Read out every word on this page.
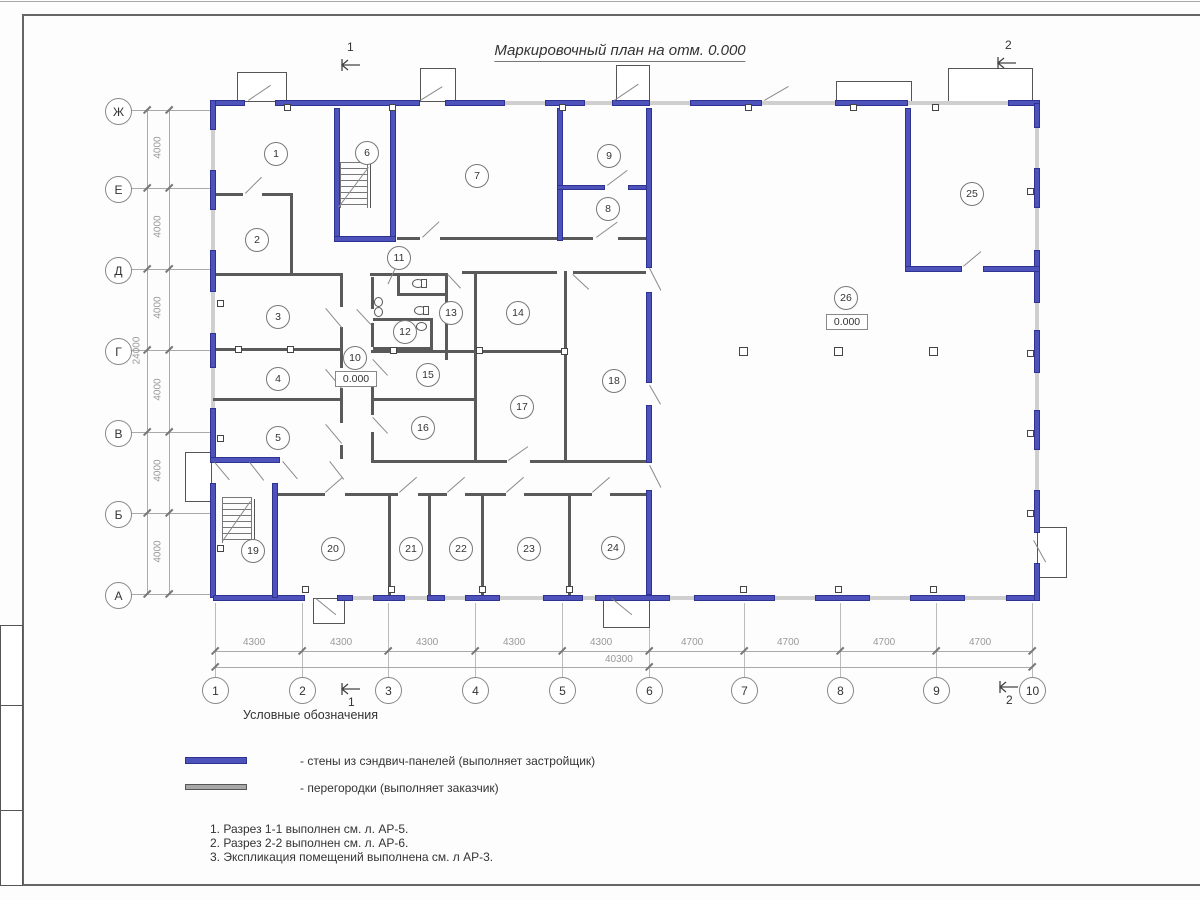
Маркировочный план на отм. 0.000
1	2
1	2
1
2
3
4
5
6
7
8
9
10
11
12
13	14
15
16
17
18
19	20	21	22	23	24
25
26
0.000
0.000
Ж
Е
Д
Г
В
Б
А
4000
4000
4000
4000
4000
4000
24000
4300	4300	4300	4300	4300	4700	4700	4700	4700
40300
1	2	3	4	5	6	7	8	9	10
Условные обозначения
- стены из сэндвич-панелей (выполняет застройщик)
- перегородки (выполняет заказчик)
1. Разрез 1-1 выполнен см. л. АР-5.
2. Разрез 2-2 выполнен см. л. АР-6.
3. Экспликация помещений выполнена см. л АР-3.
